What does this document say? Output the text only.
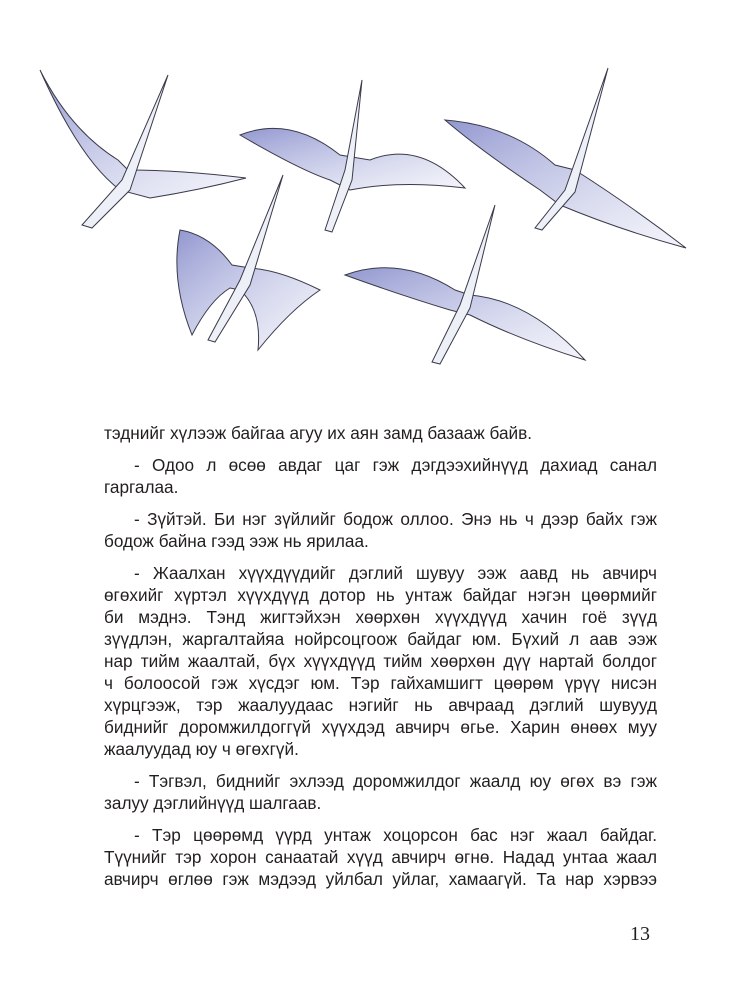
тэднийг хүлээж байгаа агуу их аян замд базааж байв.
- Одоо л өсөө авдаг цаг гэж дэгдээхийнүүд дахиад санал
гаргалаа.
- Зүйтэй. Би нэг зүйлийг бодож оллоо. Энэ нь ч дээр байх гэж
бодож байна гээд ээж нь ярилаа.
- Жаалхан хүүхдүүдийг дэглий шувуу ээж аавд нь авчирч
өгөхийг хүртэл хүүхдүүд дотор нь унтаж байдаг нэгэн цөөрмийг
би мэднэ. Тэнд жигтэйхэн хөөрхөн хүүхдүүд хачин гоё зүүд
зүүдлэн, жаргалтайяа нойрсоцгоож байдаг юм. Бүхий л аав ээж
нар тийм жаалтай, бүх хүүхдүүд тийм хөөрхөн дүү нартай болдог
ч болоосой гэж хүсдэг юм. Тэр гайхамшигт цөөрөм үрүү нисэн
хүрцгээж, тэр жаалуудаас нэгийг нь авчраад дэглий шувууд
биднийг доромжилдоггүй хүүхдэд авчирч өгье. Харин өнөөх муу
жаалуудад юу ч өгөхгүй.
- Тэгвэл, биднийг эхлээд доромжилдог жаалд юу өгөх вэ гэж
залуу дэглийнүүд шалгаав.
- Тэр цөөрөмд үүрд унтаж хоцорсон бас нэг жаал байдаг.
Түүнийг тэр хорон санаатай хүүд авчирч өгнө. Надад унтаа жаал
авчирч өглөө гэж мэдээд уйлбал уйлаг, хамаагүй. Та нар хэрвээ
13
